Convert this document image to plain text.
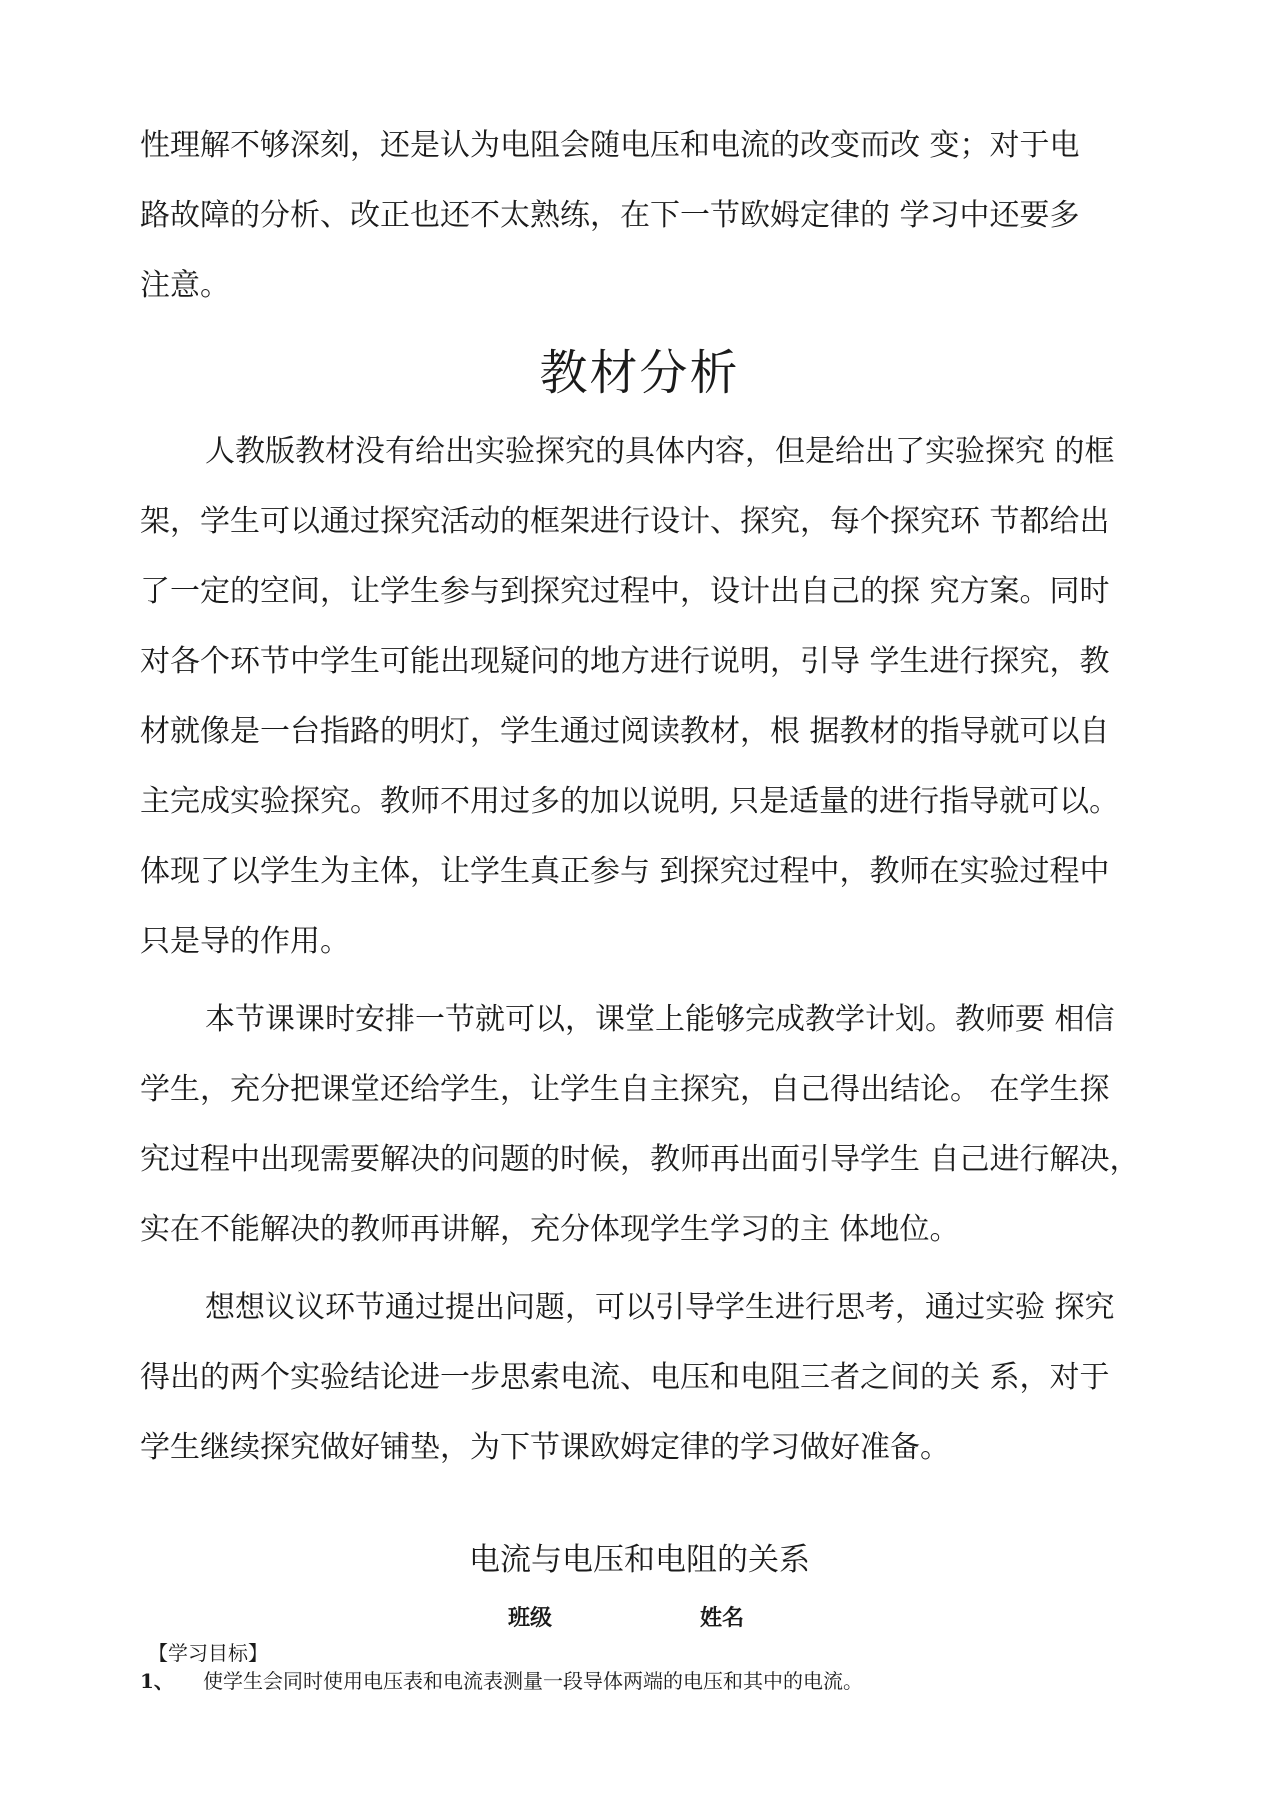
性理解不够深刻，还是认为电阻会随电压和电流的改变而改 变；对于电
路故障的分析、改正也还不太熟练，在下一节欧姆定律的 学习中还要多
注意。
教材分析
人教版教材没有给出实验探究的具体内容，但是给出了实验探究 的框
架，学生可以通过探究活动的框架进行设计、探究，每个探究环 节都给出
了一定的空间，让学生参与到探究过程中，设计出自己的探 究方案。同时
对各个环节中学生可能出现疑问的地方进行说明，引导 学生进行探究，教
材就像是一台指路的明灯，学生通过阅读教材，根 据教材的指导就可以自
主完成实验探究。教师不用过多的加以说明, 只是适量的进行指导就可以。
体现了以学生为主体，让学生真正参与 到探究过程中，教师在实验过程中
只是导的作用。
本节课课时安排一节就可以，课堂上能够完成教学计划。教师要 相信
学生，充分把课堂还给学生，让学生自主探究，自己得出结论。 在学生探
究过程中出现需要解决的问题的时候，教师再出面引导学生 自己进行解决，
实在不能解决的教师再讲解，充分体现学生学习的主 体地位。
想想议议环节通过提出问题，可以引导学生进行思考，通过实验 探究
得出的两个实验结论进一步思索电流、电压和电阻三者之间的关 系，对于
学生继续探究做好铺垫，为下节课欧姆定律的学习做好准备。
电流与电压和电阻的关系
班级	姓名
【学习目标】
1、 使学生会同时使用电压表和电流表测量一段导体两端的电压和其中的电流。
